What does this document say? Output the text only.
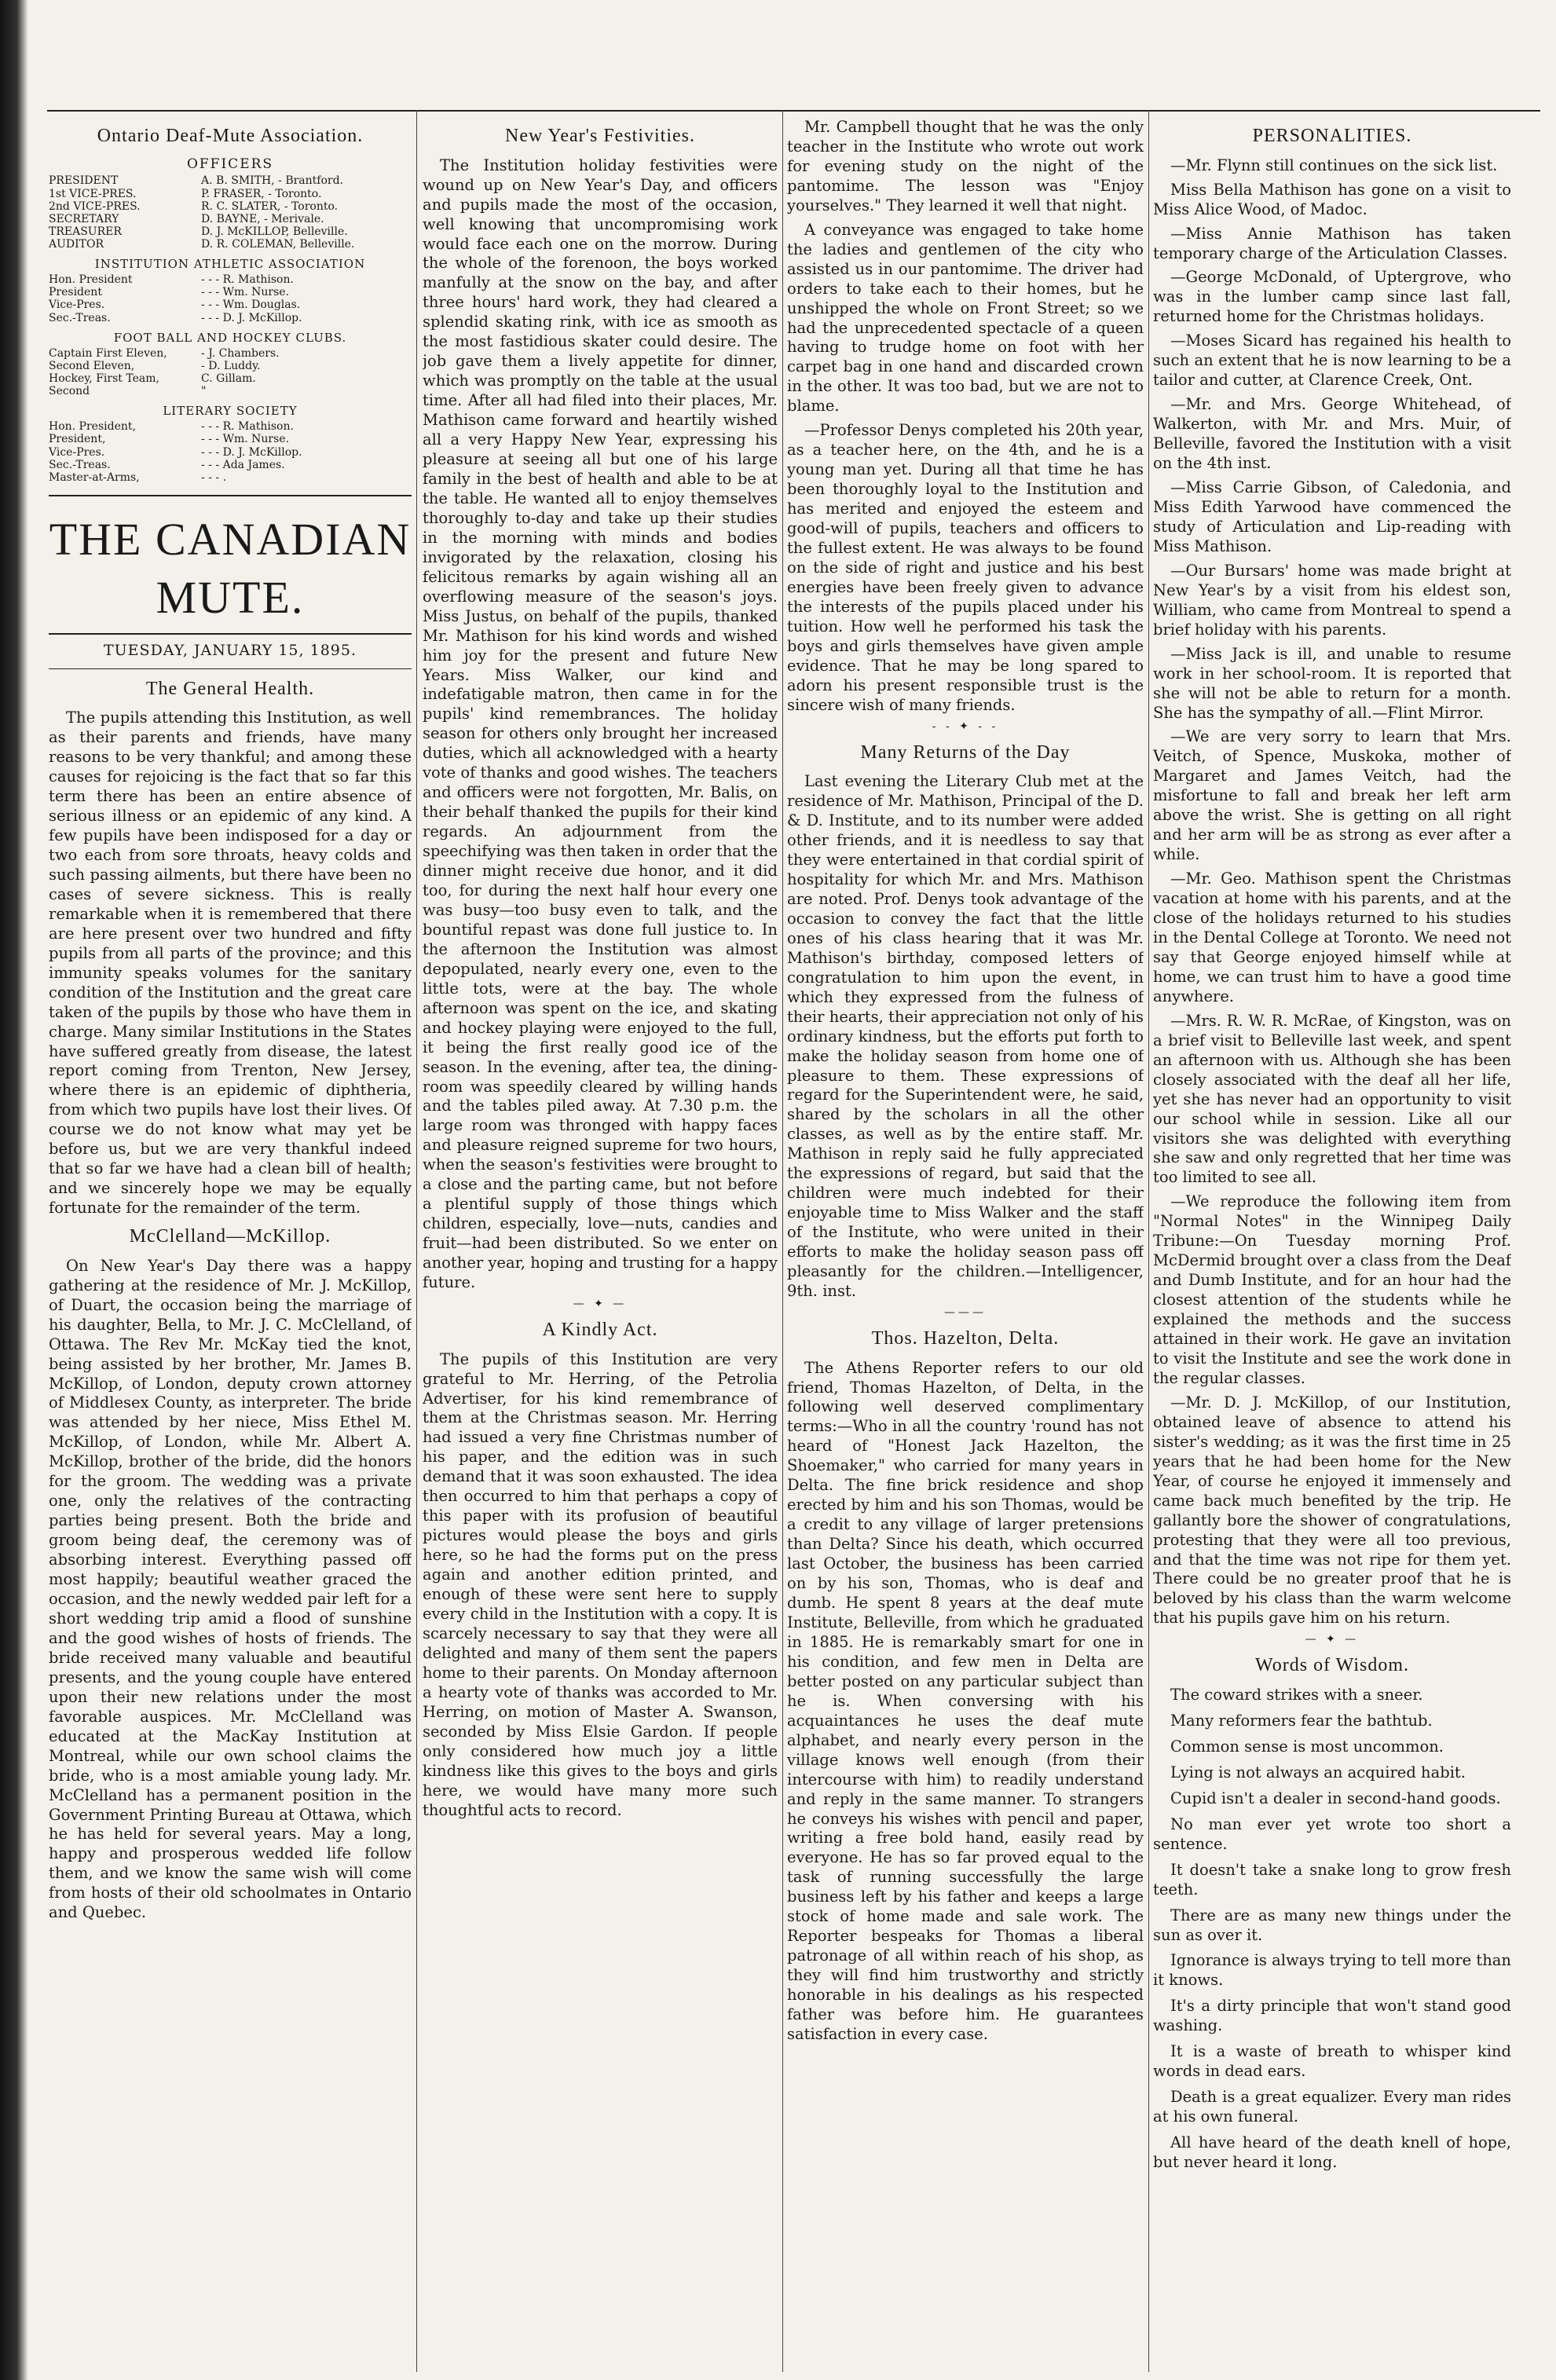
Ontario Deaf-Mute Association.
OFFICERS
PRESIDENT	A. B. SMITH, - Brantford.
1st VICE-PRES.	P. FRASER, - Toronto.
2nd VICE-PRES.	R. C. SLATER, - Toronto.
SECRETARY	D. BAYNE, - Merivale.
TREASURER	D. J. McKILLOP, Belleville.
AUDITOR	D. R. COLEMAN, Belleville.
INSTITUTION ATHLETIC ASSOCIATION
Hon. President	- - - R. Mathison.
President	- - - Wm. Nurse.
Vice-Pres.	- - - Wm. Douglas.
Sec.-Treas.	- - - D. J. McKillop.
FOOT BALL AND HOCKEY CLUBS.
Captain First Eleven,	- J. Chambers.
Second Eleven,	- D. Luddy.
Hockey, First Team,	C. Gillam.
Second	"
LITERARY SOCIETY
Hon. President,	- - - R. Mathison.
President,	- - - Wm. Nurse.
Vice-Pres.	- - - D. J. McKillop.
Sec.-Treas.	- - - Ada James.
Master-at-Arms,	- - - .
THE CANADIAN MUTE.
TUESDAY, JANUARY 15, 1895.
The General Health.

The pupils attending this Institution, as well as their parents and friends, have many reasons to be very thankful; and among these causes for rejoicing is the fact that so far this term there has been an entire absence of serious illness or an epidemic of any kind. A few pupils have been indisposed for a day or two each from sore throats, heavy colds and such passing ailments, but there have been no cases of severe sickness. This is really remarkable when it is remembered that there are here present over two hundred and fifty pupils from all parts of the province; and this immunity speaks volumes for the sanitary condition of the Institution and the great care taken of the pupils by those who have them in charge. Many similar Institutions in the States have suffered greatly from disease, the latest report coming from Trenton, New Jersey, where there is an epidemic of diphtheria, from which two pupils have lost their lives. Of course we do not know what may yet be before us, but we are very thankful indeed that so far we have had a clean bill of health; and we sincerely hope we may be equally fortunate for the remainder of the term.

McClelland—McKillop.

On New Year's Day there was a happy gathering at the residence of Mr. J. McKillop, of Duart, the occasion being the marriage of his daughter, Bella, to Mr. J. C. McClelland, of Ottawa. The Rev Mr. McKay tied the knot, being assisted by her brother, Mr. James B. McKillop, of London, deputy crown attorney of Middlesex County, as interpreter. The bride was attended by her niece, Miss Ethel M. McKillop, of London, while Mr. Albert A. McKillop, brother of the bride, did the honors for the groom. The wedding was a private one, only the relatives of the contracting parties being present. Both the bride and groom being deaf, the ceremony was of absorbing interest. Everything passed off most happily; beautiful weather graced the occasion, and the newly wedded pair left for a short wedding trip amid a flood of sunshine and the good wishes of hosts of friends. The bride received many valuable and beautiful presents, and the young couple have entered upon their new relations under the most favorable auspices. Mr. McClelland was educated at the MacKay Institution at Montreal, while our own school claims the bride, who is a most amiable young lady. Mr. McClelland has a permanent position in the Government Printing Bureau at Ottawa, which he has held for several years. May a long, happy and prosperous wedded life follow them, and we know the same wish will come from hosts of their old schoolmates in Ontario and Quebec.

New Year's Festivities.

The Institution holiday festivities were wound up on New Year's Day, and officers and pupils made the most of the occasion, well knowing that uncompromising work would face each one on the morrow. During the whole of the forenoon, the boys worked manfully at the snow on the bay, and after three hours' hard work, they had cleared a splendid skating rink, with ice as smooth as the most fastidious skater could desire. The job gave them a lively appetite for dinner, which was promptly on the table at the usual time. After all had filed into their places, Mr. Mathison came forward and heartily wished all a very Happy New Year, expressing his pleasure at seeing all but one of his large family in the best of health and able to be at the table. He wanted all to enjoy themselves thoroughly to-day and take up their studies in the morning with minds and bodies invigorated by the relaxation, closing his felicitous remarks by again wishing all an overflowing measure of the season's joys. Miss Justus, on behalf of the pupils, thanked Mr. Mathison for his kind words and wished him joy for the present and future New Years. Miss Walker, our kind and indefatigable matron, then came in for the pupils' kind remembrances. The holiday season for others only brought her increased duties, which all acknowledged with a hearty vote of thanks and good wishes. The teachers and officers were not forgotten, Mr. Balis, on their behalf thanked the pupils for their kind regards. An adjournment from the speechifying was then taken in order that the dinner might receive due honor, and it did too, for during the next half hour every one was busy—too busy even to talk, and the bountiful repast was done full justice to. In the afternoon the Institution was almost depopulated, nearly every one, even to the little tots, were at the bay. The whole afternoon was spent on the ice, and skating and hockey playing were enjoyed to the full, it being the first really good ice of the season. In the evening, after tea, the dining-room was speedily cleared by willing hands and the tables piled away. At 7.30 p.m. the large room was thronged with happy faces and pleasure reigned supreme for two hours, when the season's festivities were brought to a close and the parting came, but not before a plentiful supply of those things which children, especially, love—nuts, candies and fruit—had been distributed. So we enter on another year, hoping and trusting for a happy future.

— ✦ —
A Kindly Act.

The pupils of this Institution are very grateful to Mr. Herring, of the Petrolia Advertiser, for his kind remembrance of them at the Christmas season. Mr. Herring had issued a very fine Christmas number of his paper, and the edition was in such demand that it was soon exhausted. The idea then occurred to him that perhaps a copy of this paper with its profusion of beautiful pictures would please the boys and girls here, so he had the forms put on the press again and another edition printed, and enough of these were sent here to supply every child in the Institution with a copy. It is scarcely necessary to say that they were all delighted and many of them sent the papers home to their parents. On Monday afternoon a hearty vote of thanks was accorded to Mr. Herring, on motion of Master A. Swanson, seconded by Miss Elsie Gardon. If people only considered how much joy a little kindness like this gives to the boys and girls here, we would have many more such thoughtful acts to record.

Mr. Campbell thought that he was the only teacher in the Institute who wrote out work for evening study on the night of the pantomime. The lesson was "Enjoy yourselves." They learned it well that night.

A conveyance was engaged to take home the ladies and gentlemen of the city who assisted us in our pantomime. The driver had orders to take each to their homes, but he unshipped the whole on Front Street; so we had the unprecedented spectacle of a queen having to trudge home on foot with her carpet bag in one hand and discarded crown in the other. It was too bad, but we are not to blame.

—Professor Denys completed his 20th year, as a teacher here, on the 4th, and he is a young man yet. During all that time he has been thoroughly loyal to the Institution and has merited and enjoyed the esteem and good-will of pupils, teachers and officers to the fullest extent. He was always to be found on the side of right and justice and his best energies have been freely given to advance the interests of the pupils placed under his tuition. How well he performed his task the boys and girls themselves have given ample evidence. That he may be long spared to adorn his present responsible trust is the sincere wish of many friends.

- - ✦ - -
Many Returns of the Day

Last evening the Literary Club met at the residence of Mr. Mathison, Principal of the D. & D. Institute, and to its number were added other friends, and it is needless to say that they were entertained in that cordial spirit of hospitality for which Mr. and Mrs. Mathison are noted. Prof. Denys took advantage of the occasion to convey the fact that the little ones of his class hearing that it was Mr. Mathison's birthday, composed letters of congratulation to him upon the event, in which they expressed from the fulness of their hearts, their appreciation not only of his ordinary kindness, but the efforts put forth to make the holiday season from home one of pleasure to them. These expressions of regard for the Superintendent were, he said, shared by the scholars in all the other classes, as well as by the entire staff. Mr. Mathison in reply said he fully appreciated the expressions of regard, but said that the children were much indebted for their enjoyable time to Miss Walker and the staff of the Institute, who were united in their efforts to make the holiday season pass off pleasantly for the children.—Intelligencer, 9th. inst.

———
Thos. Hazelton, Delta.

The Athens Reporter refers to our old friend, Thomas Hazelton, of Delta, in the following well deserved complimentary terms:—Who in all the country 'round has not heard of "Honest Jack Hazelton, the Shoemaker," who carried for many years in Delta. The fine brick residence and shop erected by him and his son Thomas, would be a credit to any village of larger pretensions than Delta? Since his death, which occurred last October, the business has been carried on by his son, Thomas, who is deaf and dumb. He spent 8 years at the deaf mute Institute, Belleville, from which he graduated in 1885. He is remarkably smart for one in his condition, and few men in Delta are better posted on any particular subject than he is. When conversing with his acquaintances he uses the deaf mute alphabet, and nearly every person in the village knows well enough (from their intercourse with him) to readily understand and reply in the same manner. To strangers he conveys his wishes with pencil and paper, writing a free bold hand, easily read by everyone. He has so far proved equal to the task of running successfully the large business left by his father and keeps a large stock of home made and sale work. The Reporter bespeaks for Thomas a liberal patronage of all within reach of his shop, as they will find him trustworthy and strictly honorable in his dealings as his respected father was before him. He guarantees satisfaction in every case.

PERSONALITIES.

—Mr. Flynn still continues on the sick list.

Miss Bella Mathison has gone on a visit to Miss Alice Wood, of Madoc.

—Miss Annie Mathison has taken temporary charge of the Articulation Classes.

—George McDonald, of Uptergrove, who was in the lumber camp since last fall, returned home for the Christmas holidays.

—Moses Sicard has regained his health to such an extent that he is now learning to be a tailor and cutter, at Clarence Creek, Ont.

—Mr. and Mrs. George Whitehead, of Walkerton, with Mr. and Mrs. Muir, of Belleville, favored the Institution with a visit on the 4th inst.

—Miss Carrie Gibson, of Caledonia, and Miss Edith Yarwood have commenced the study of Articulation and Lip-reading with Miss Mathison.

—Our Bursars' home was made bright at New Year's by a visit from his eldest son, William, who came from Montreal to spend a brief holiday with his parents.

—Miss Jack is ill, and unable to resume work in her school-room. It is reported that she will not be able to return for a month. She has the sympathy of all.—Flint Mirror.

—We are very sorry to learn that Mrs. Veitch, of Spence, Muskoka, mother of Margaret and James Veitch, had the misfortune to fall and break her left arm above the wrist. She is getting on all right and her arm will be as strong as ever after a while.

—Mr. Geo. Mathison spent the Christmas vacation at home with his parents, and at the close of the holidays returned to his studies in the Dental College at Toronto. We need not say that George enjoyed himself while at home, we can trust him to have a good time anywhere.

—Mrs. R. W. R. McRae, of Kingston, was on a brief visit to Belleville last week, and spent an afternoon with us. Although she has been closely associated with the deaf all her life, yet she has never had an opportunity to visit our school while in session. Like all our visitors she was delighted with everything she saw and only regretted that her time was too limited to see all.

—We reproduce the following item from "Normal Notes" in the Winnipeg Daily Tribune:—On Tuesday morning Prof. McDermid brought over a class from the Deaf and Dumb Institute, and for an hour had the closest attention of the students while he explained the methods and the success attained in their work. He gave an invitation to visit the Institute and see the work done in the regular classes.

—Mr. D. J. McKillop, of our Institution, obtained leave of absence to attend his sister's wedding; as it was the first time in 25 years that he had been home for the New Year, of course he enjoyed it immensely and came back much benefited by the trip. He gallantly bore the shower of congratulations, protesting that they were all too previous, and that the time was not ripe for them yet. There could be no greater proof that he is beloved by his class than the warm welcome that his pupils gave him on his return.

— ✦ —
Words of Wisdom.

The coward strikes with a sneer.

Many reformers fear the bathtub.

Common sense is most uncommon.

Lying is not always an acquired habit.

Cupid isn't a dealer in second-hand goods.

No man ever yet wrote too short a sentence.

It doesn't take a snake long to grow fresh teeth.

There are as many new things under the sun as over it.

Ignorance is always trying to tell more than it knows.

It's a dirty principle that won't stand good washing.

It is a waste of breath to whisper kind words in dead ears.

Death is a great equalizer. Every man rides at his own funeral.

All have heard of the death knell of hope, but never heard it long.
